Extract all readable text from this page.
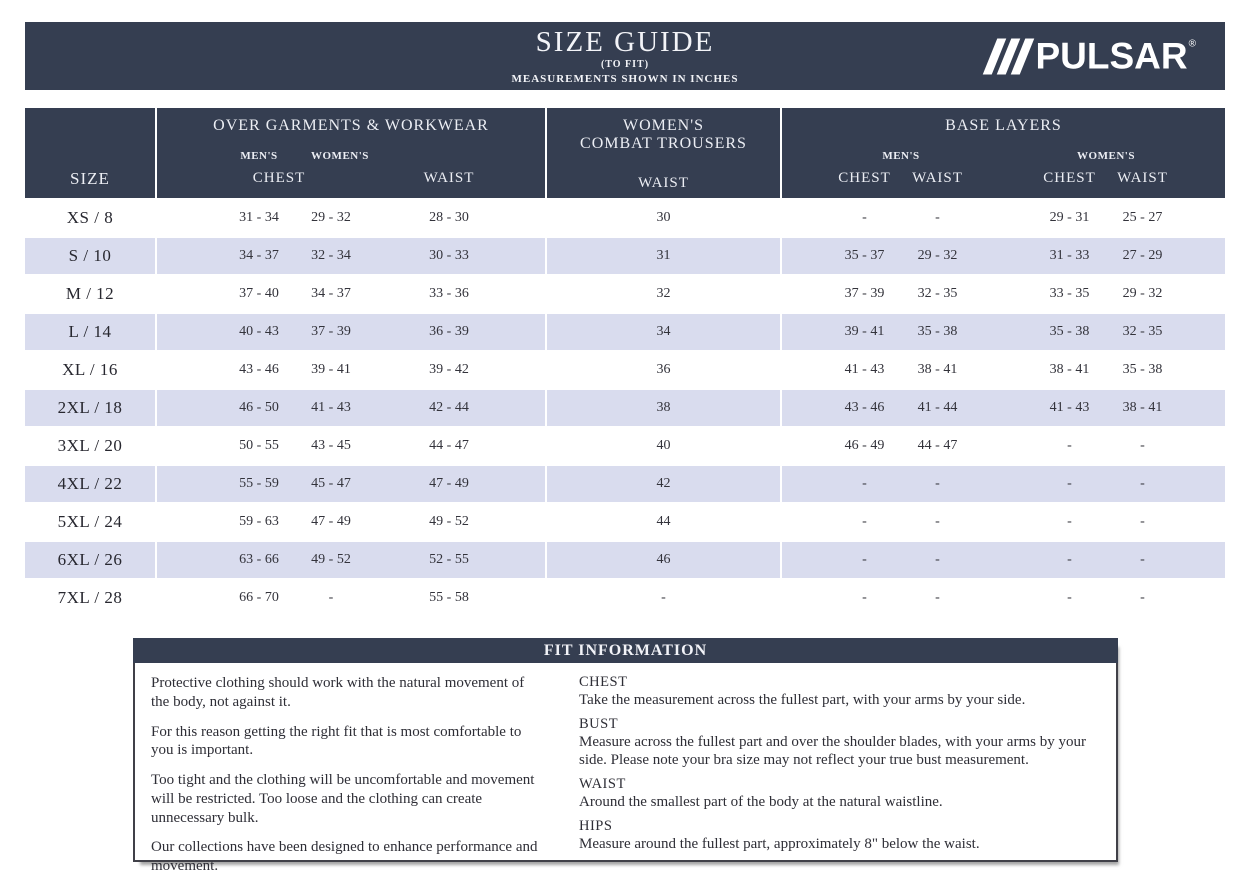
SIZE GUIDE
(TO FIT)
MEASUREMENTS SHOWN IN INCHES
PULSAR ®
SIZE
OVER GARMENTS & WORKWEAR
MEN'S	WOMEN'S
CHEST	WAIST
WOMEN'S
COMBAT TROUSERS
WAIST
BASE LAYERS
MEN'S	WOMEN'S
CHEST	WAIST	CHEST	WAIST
XS / 8	31 - 34	29 - 32	28 - 30	30	-	-	29 - 31	25 - 27
S / 10	34 - 37	32 - 34	30 - 33	31	35 - 37	29 - 32	31 - 33	27 - 29
M / 12	37 - 40	34 - 37	33 - 36	32	37 - 39	32 - 35	33 - 35	29 - 32
L / 14	40 - 43	37 - 39	36 - 39	34	39 - 41	35 - 38	35 - 38	32 - 35
XL / 16	43 - 46	39 - 41	39 - 42	36	41 - 43	38 - 41	38 - 41	35 - 38
2XL / 18	46 - 50	41 - 43	42 - 44	38	43 - 46	41 - 44	41 - 43	38 - 41
3XL / 20	50 - 55	43 - 45	44 - 47	40	46 - 49	44 - 47	-	-
4XL / 22	55 - 59	45 - 47	47 - 49	42	-	-	-	-
5XL / 24	59 - 63	47 - 49	49 - 52	44	-	-	-	-
6XL / 26	63 - 66	49 - 52	52 - 55	46	-	-	-	-
7XL / 28	66 - 70	-	55 - 58	-	-	-	-	-
FIT INFORMATION

Protective clothing should work with the natural movement of the body, not against it.

For this reason getting the right fit that is most comfortable to you is important.

Too tight and the clothing will be uncomfortable and movement will be restricted. Too loose and the clothing can create unnecessary bulk.

Our collections have been designed to enhance performance and movement.

CHEST
Take the measurement across the fullest part, with your arms by your side.
BUST
Measure across the fullest part and over the shoulder blades, with your arms by your side. Please note your bra size may not reflect your true bust measurement.
WAIST
Around the smallest part of the body at the natural waistline.
HIPS
Measure around the fullest part, approximately 8" below the waist.
